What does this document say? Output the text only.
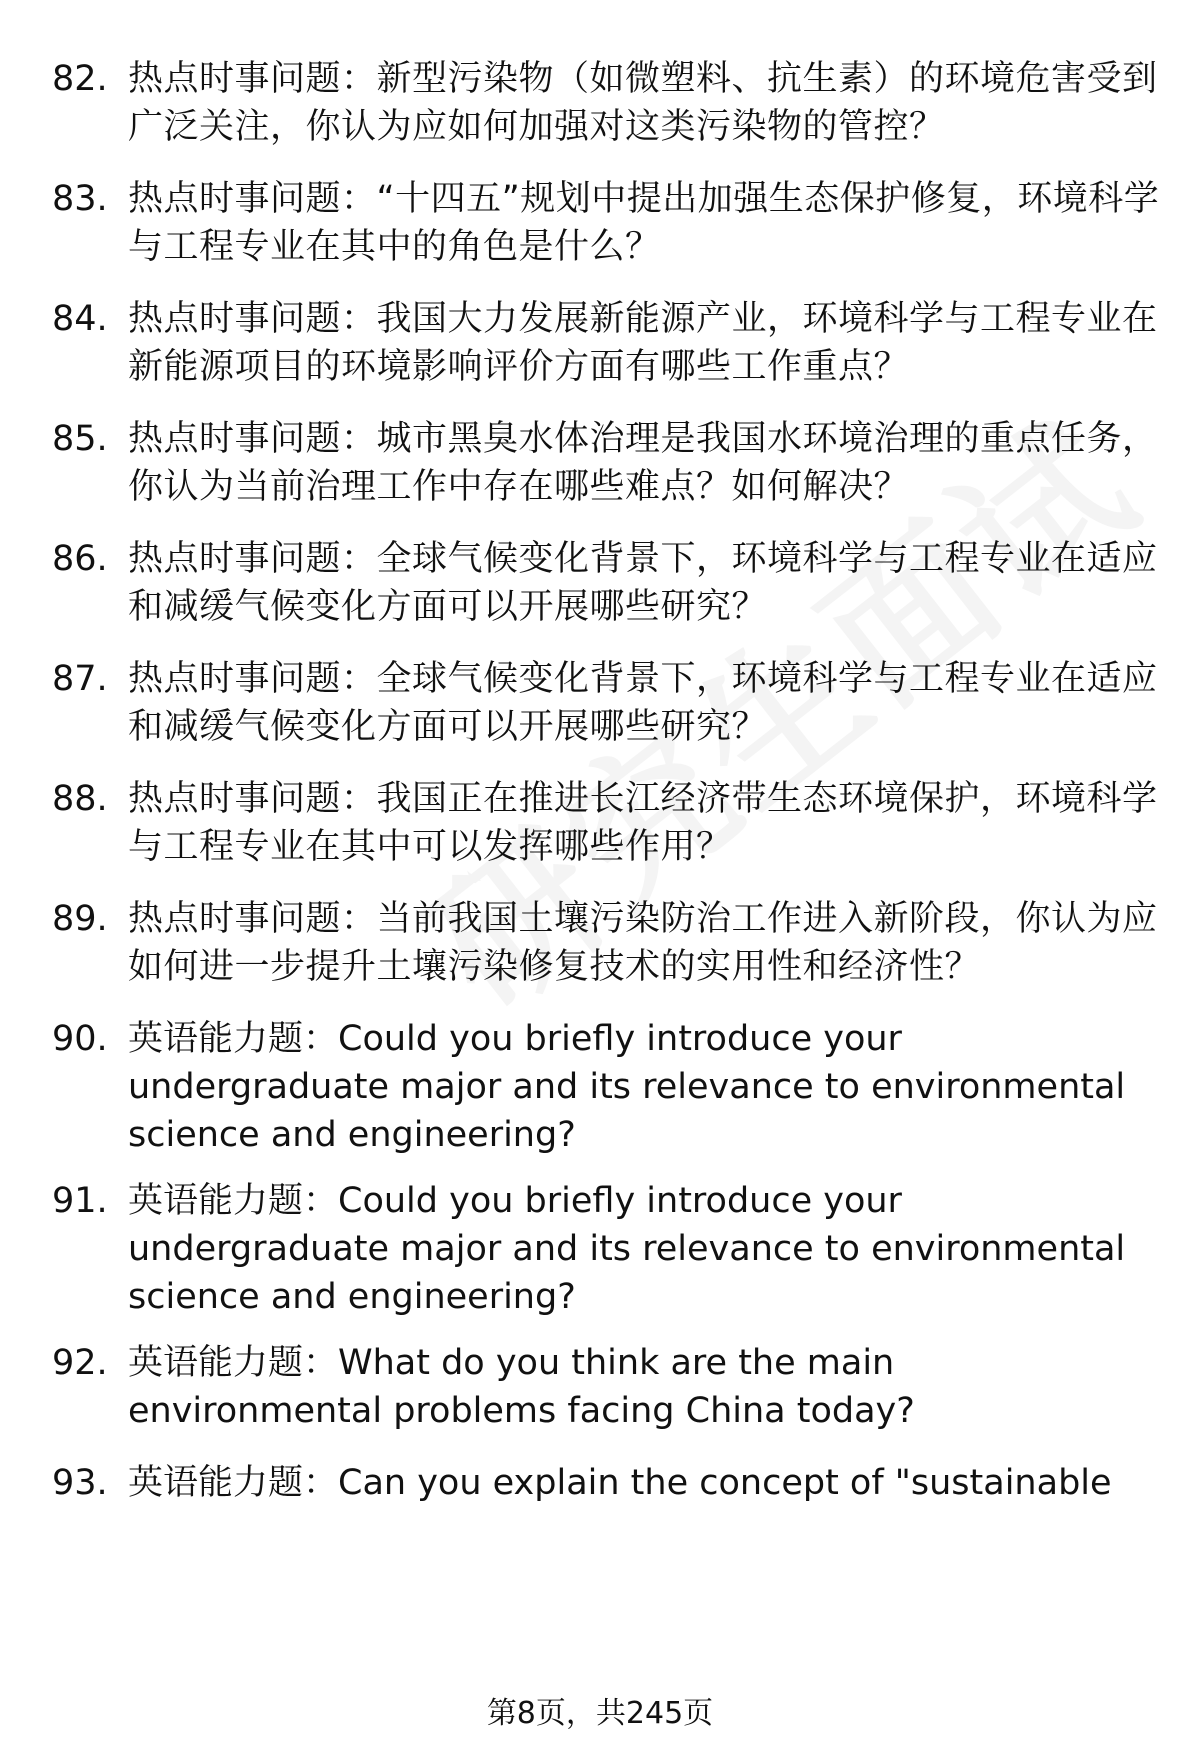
82. 热点时事问题：新型污染物（如微塑料、抗生素）的环境危害受到广泛关注，你认为应如何加强对这类污染物的管控？
83. 热点时事问题：“十四五”规划中提出加强生态保护修复，环境科学与工程专业在其中的角色是什么？
84. 热点时事问题：我国大力发展新能源产业，环境科学与工程专业在新能源项目的环境影响评价方面有哪些工作重点？
85. 热点时事问题：城市黑臭水体治理是我国水环境治理的重点任务，你认为当前治理工作中存在哪些难点？如何解决？
86. 热点时事问题：全球气候变化背景下，环境科学与工程专业在适应和减缓气候变化方面可以开展哪些研究？
87. 热点时事问题：全球气候变化背景下，环境科学与工程专业在适应和减缓气候变化方面可以开展哪些研究？
88. 热点时事问题：我国正在推进长江经济带生态环境保护，环境科学与工程专业在其中可以发挥哪些作用？
89. 热点时事问题：当前我国土壤污染防治工作进入新阶段，你认为应如何进一步提升土壤污染修复技术的实用性和经济性？
90. 英语能力题：Could you briefly introduce your undergraduate major and its relevance to environmental science and engineering?
91. 英语能力题：Could you briefly introduce your undergraduate major and its relevance to environmental science and engineering?
92. 英语能力题：What do you think are the main environmental problems facing China today?
93. 英语能力题：Can you explain the concept of "sustainable
第8页，共245页
